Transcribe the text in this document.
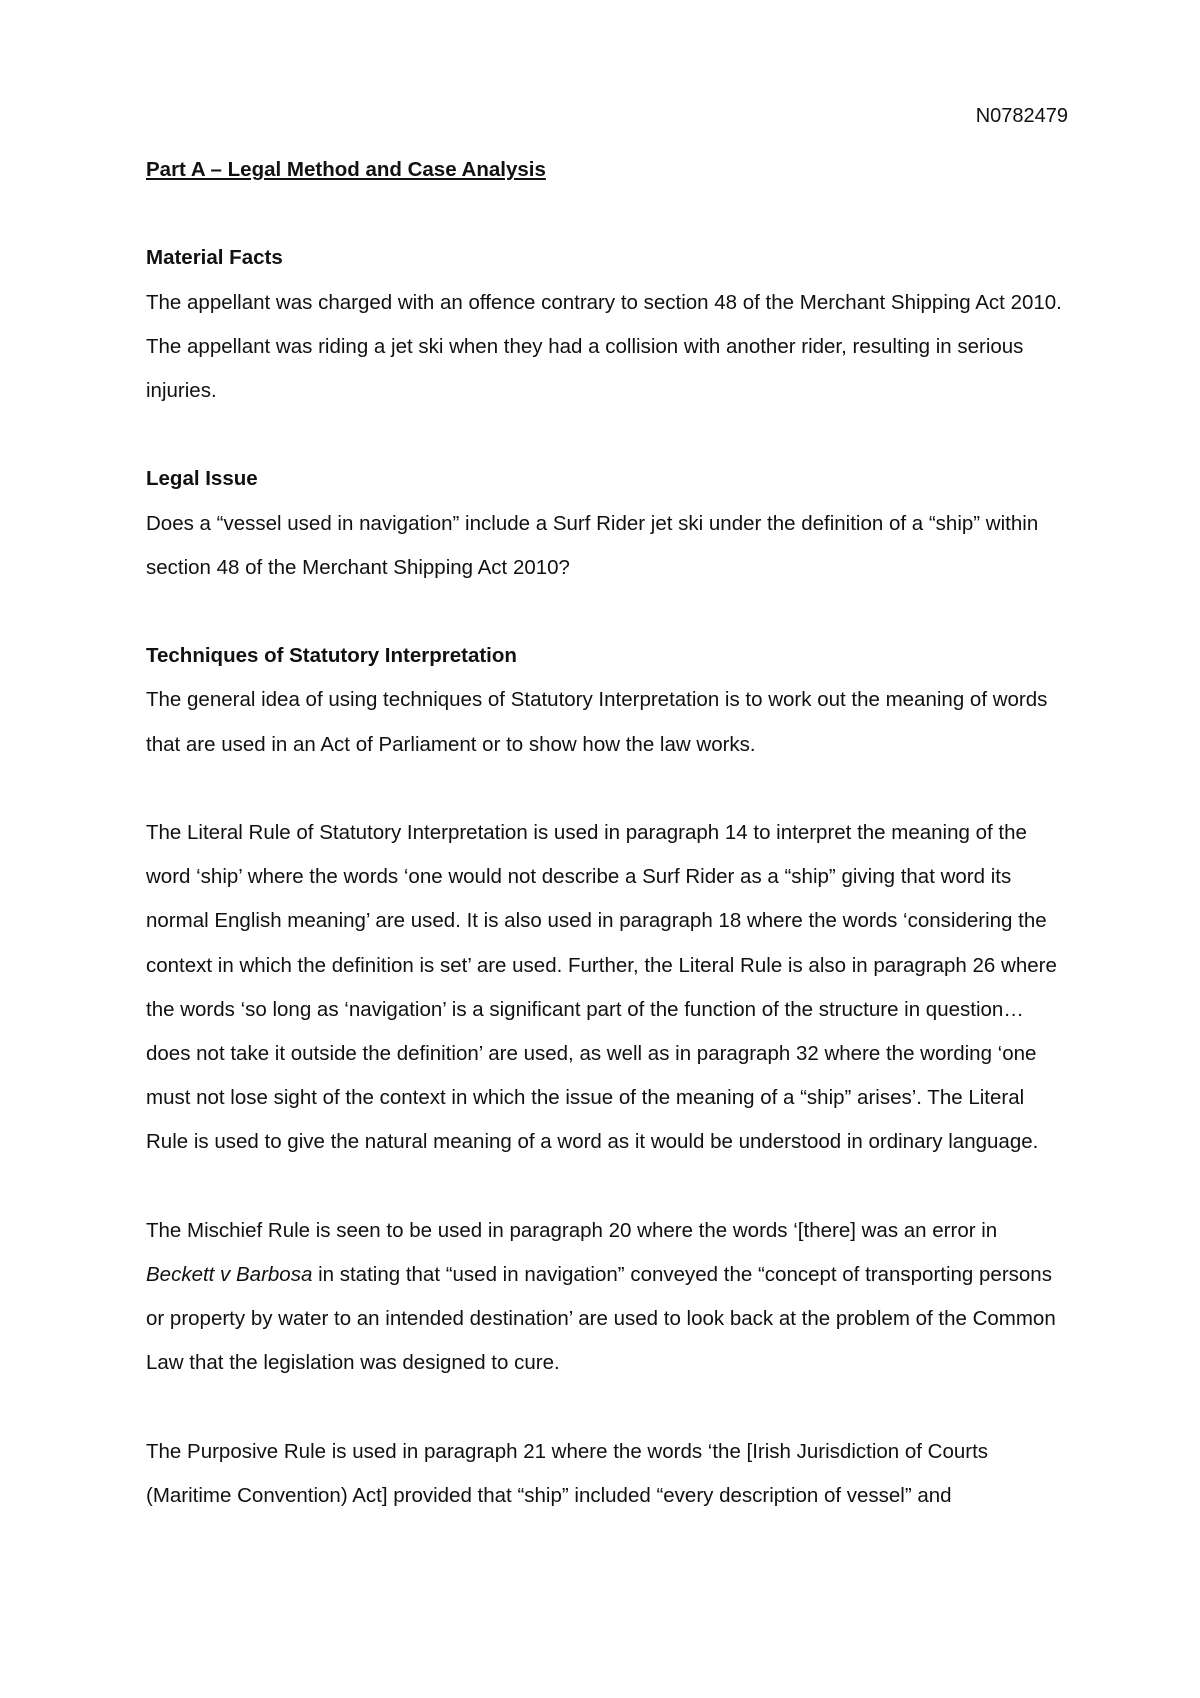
N0782479

Part A – Legal Method and Case Analysis

Material Facts

The appellant was charged with an offence contrary to section 48 of the Merchant Shipping Act 2010. The appellant was riding a jet ski when they had a collision with another rider, resulting in serious injuries.

Legal Issue

Does a “vessel used in navigation” include a Surf Rider jet ski under the definition of a “ship” within section 48 of the Merchant Shipping Act 2010?

Techniques of Statutory Interpretation

The general idea of using techniques of Statutory Interpretation is to work out the meaning of words that are used in an Act of Parliament or to show how the law works.

The Literal Rule of Statutory Interpretation is used in paragraph 14 to interpret the meaning of the word ‘ship’ where the words ‘one would not describe a Surf Rider as a “ship” giving that word its normal English meaning’ are used. It is also used in paragraph 18 where the words ‘considering the context in which the definition is set’ are used. Further, the Literal Rule is also in paragraph 26 where the words ‘so long as ‘navigation’ is a significant part of the function of the structure in question… does not take it outside the definition’ are used, as well as in paragraph 32 where the wording ‘one must not lose sight of the context in which the issue of the meaning of a “ship” arises’. The Literal Rule is used to give the natural meaning of a word as it would be understood in ordinary language.

The Mischief Rule is seen to be used in paragraph 20 where the words ‘[there] was an error in Beckett v Barbosa in stating that “used in navigation” conveyed the “concept of transporting persons or property by water to an intended destination’ are used to look back at the problem of the Common Law that the legislation was designed to cure.

The Purposive Rule is used in paragraph 21 where the words ‘the [Irish Jurisdiction of Courts (Maritime Convention) Act] provided that “ship” included “every description of vessel” and
